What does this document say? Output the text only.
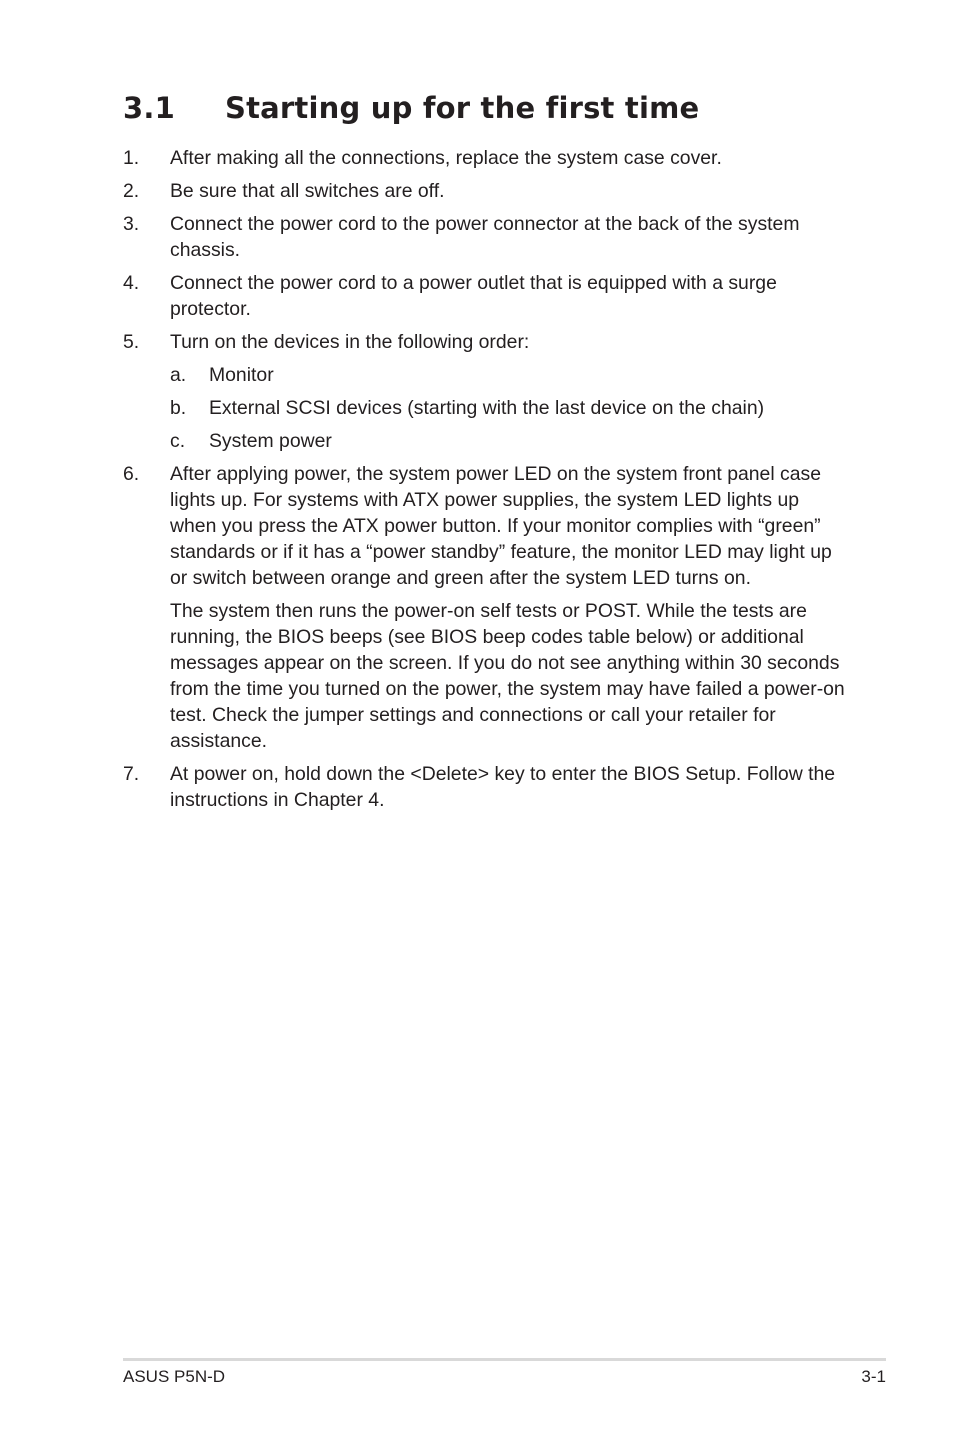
3.1 Starting up for the first time
1. After making all the connections, replace the system case cover.
2. Be sure that all switches are off.
3. Connect the power cord to the power connector at the back of the system chassis.
4. Connect the power cord to a power outlet that is equipped with a surge protector.
5. Turn on the devices in the following order:
a. Monitor
b. External SCSI devices (starting with the last device on the chain)
c. System power
6. After applying power, the system power LED on the system front panel case lights up. For systems with ATX power supplies, the system LED lights up when you press the ATX power button. If your monitor complies with “green” standards or if it has a “power standby” feature, the monitor LED may light up or switch between orange and green after the system LED turns on.
The system then runs the power-on self tests or POST. While the tests are running, the BIOS beeps (see BIOS beep codes table below) or additional messages appear on the screen. If you do not see anything within 30 seconds from the time you turned on the power, the system may have failed a power-on test. Check the jumper settings and connections or call your retailer for assistance.
7. At power on, hold down the <Delete> key to enter the BIOS Setup. Follow the instructions in Chapter 4.
ASUS P5N-D	3-1
